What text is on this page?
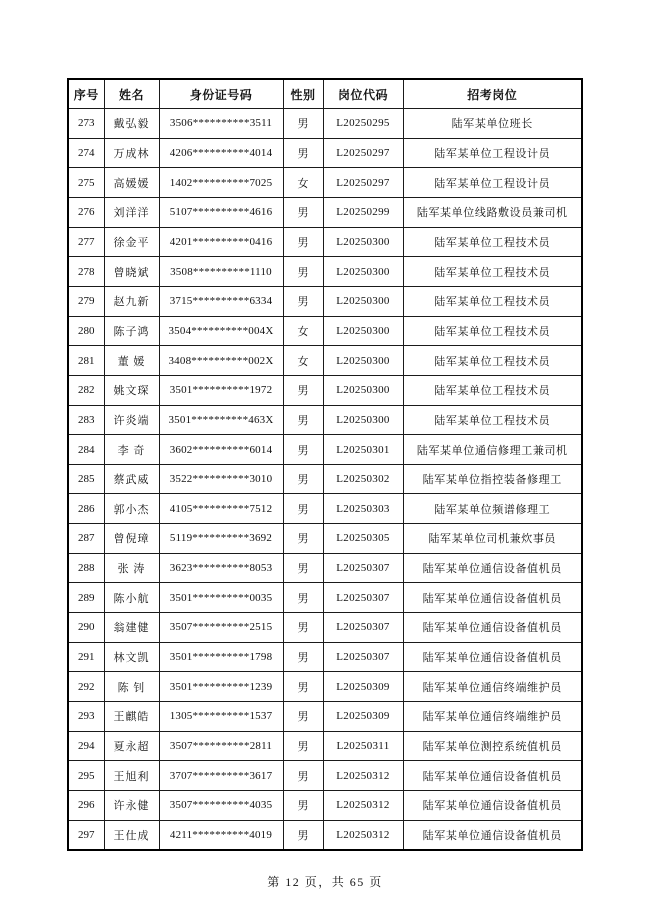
序号	姓名	身份证号码	性别	岗位代码	招考岗位
273	戴弘毅	3506**********3511	男	L20250295	陆军某单位班长
274	万成林	4206**********4014	男	L20250297	陆军某单位工程设计员
275	高媛媛	1402**********7025	女	L20250297	陆军某单位工程设计员
276	刘洋洋	5107**********4616	男	L20250299	陆军某单位线路敷设员兼司机
277	徐金平	4201**********0416	男	L20250300	陆军某单位工程技术员
278	曾晓斌	3508**********1110	男	L20250300	陆军某单位工程技术员
279	赵九新	3715**********6334	男	L20250300	陆军某单位工程技术员
280	陈子鸿	3504**********004X	女	L20250300	陆军某单位工程技术员
281	董 媛	3408**********002X	女	L20250300	陆军某单位工程技术员
282	姚文琛	3501**********1972	男	L20250300	陆军某单位工程技术员
283	许炎端	3501**********463X	男	L20250300	陆军某单位工程技术员
284	李 奇	3602**********6014	男	L20250301	陆军某单位通信修理工兼司机
285	蔡武威	3522**********3010	男	L20250302	陆军某单位指控装备修理工
286	郭小杰	4105**********7512	男	L20250303	陆军某单位频谱修理工
287	曾倪璋	5119**********3692	男	L20250305	陆军某单位司机兼炊事员
288	张 涛	3623**********8053	男	L20250307	陆军某单位通信设备值机员
289	陈小航	3501**********0035	男	L20250307	陆军某单位通信设备值机员
290	翁建健	3507**********2515	男	L20250307	陆军某单位通信设备值机员
291	林文凯	3501**********1798	男	L20250307	陆军某单位通信设备值机员
292	陈 钊	3501**********1239	男	L20250309	陆军某单位通信终端维护员
293	王麒皓	1305**********1537	男	L20250309	陆军某单位通信终端维护员
294	夏永超	3507**********2811	男	L20250311	陆军某单位测控系统值机员
295	王旭利	3707**********3617	男	L20250312	陆军某单位通信设备值机员
296	许永健	3507**********4035	男	L20250312	陆军某单位通信设备值机员
297	王仕成	4211**********4019	男	L20250312	陆军某单位通信设备值机员
第 12 页，共 65 页
